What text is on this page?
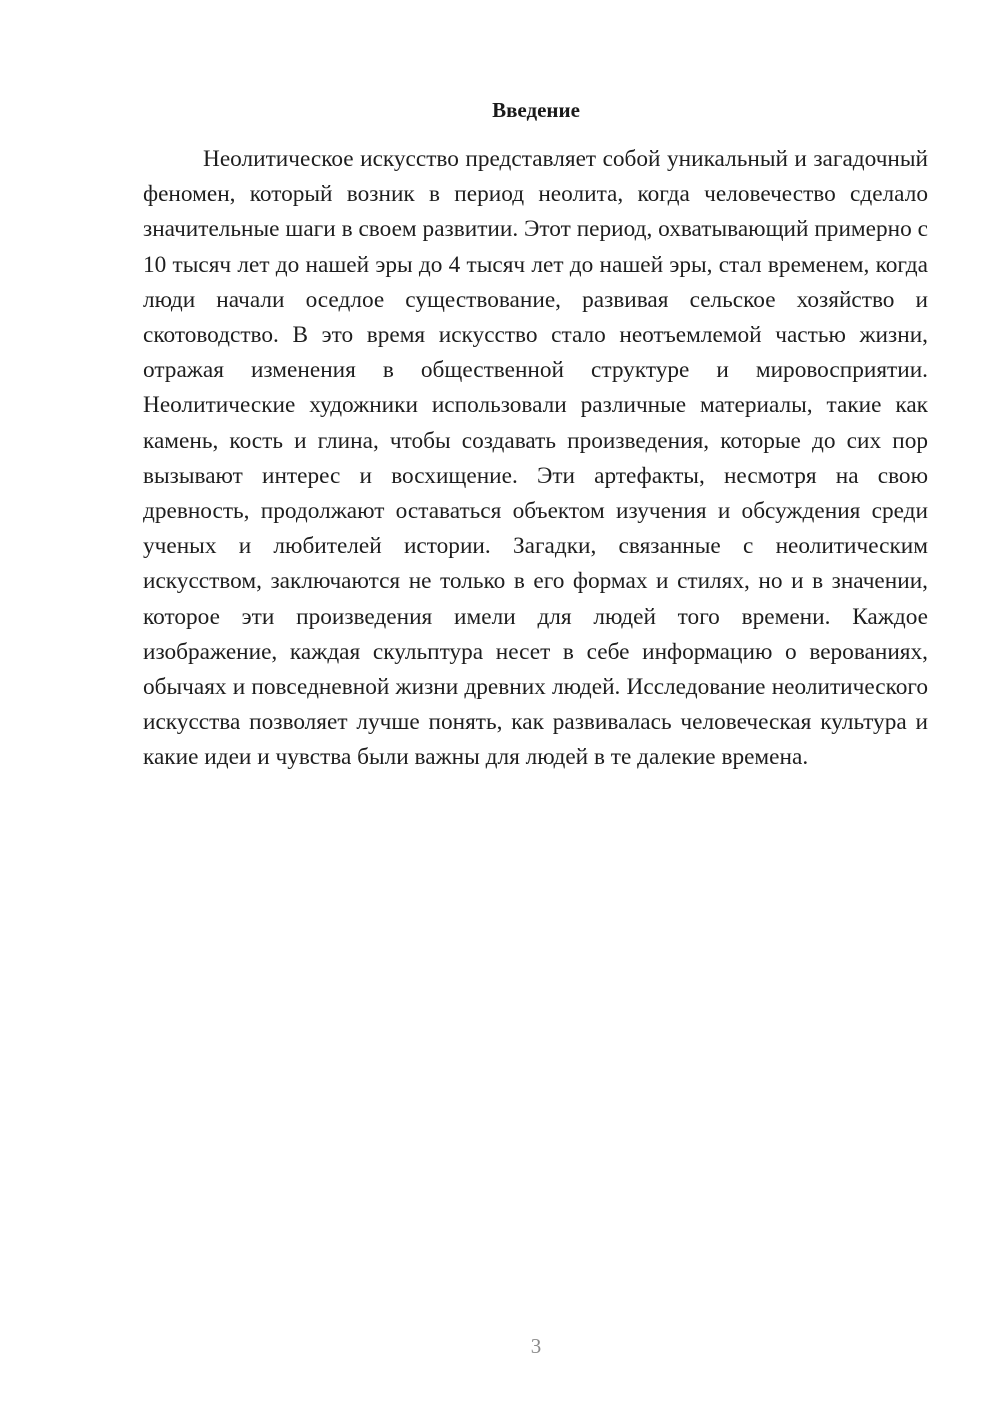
Введение

Неолитическое искусство представляет собой уникальный и загадочный феномен, который возник в период неолита, когда человечество сделало значительные шаги в своем развитии. Этот период, охватывающий примерно с 10 тысяч лет до нашей эры до 4 тысяч лет до нашей эры, стал временем, когда люди начали оседлое существование, развивая сельское хозяйство и скотоводство. В это время искусство стало неотъемлемой частью жизни, отражая изменения в общественной структуре и мировосприятии. Неолитические художники использовали различные материалы, такие как камень, кость и глина, чтобы создавать произведения, которые до сих пор вызывают интерес и восхищение. Эти артефакты, несмотря на свою древность, продолжают оставаться объектом изучения и обсуждения среди ученых и любителей истории. Загадки, связанные с неолитическим искусством, заключаются не только в его формах и стилях, но и в значении, которое эти произведения имели для людей того времени. Каждое изображение, каждая скульптура несет в себе информацию о верованиях, обычаях и повседневной жизни древних людей. Исследование неолитического искусства позволяет лучше понять, как развивалась человеческая культура и какие идеи и чувства были важны для людей в те далекие времена.

3
